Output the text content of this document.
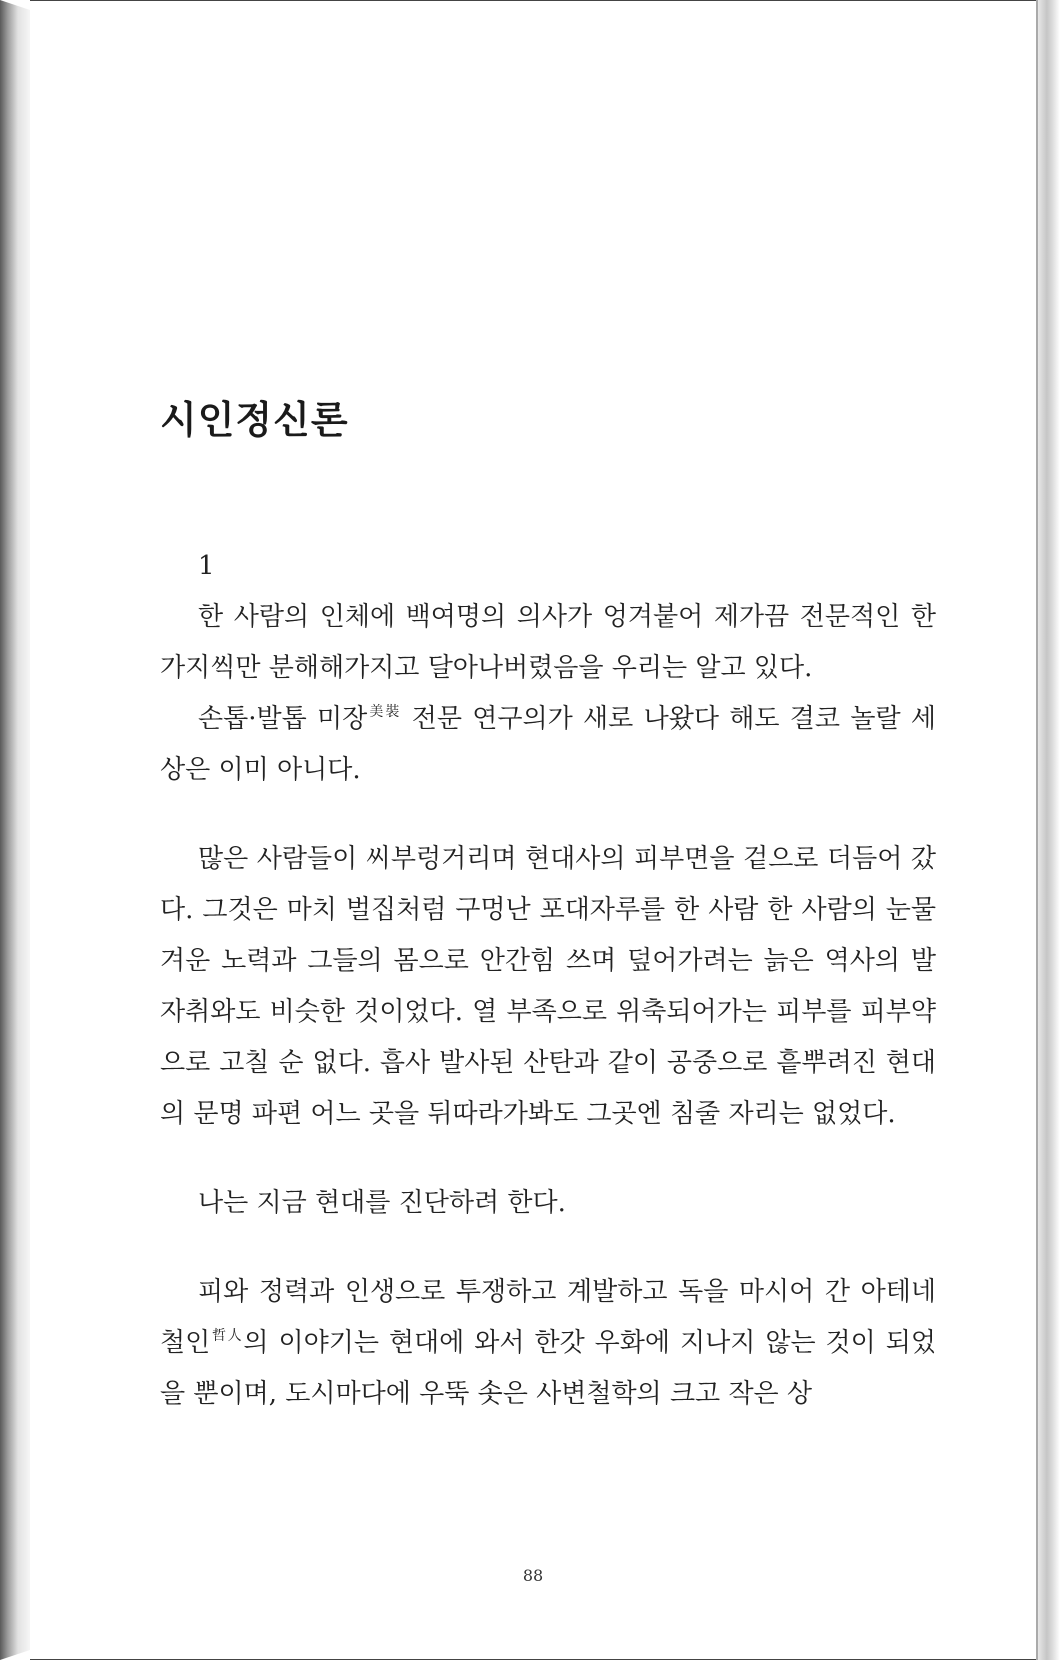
시인정신론

1

한 사람의 인체에 백여명의 의사가 엉겨붙어 제가끔 전문적인 한가지씩만 분해해가지고 달아나버렸음을 우리는 알고 있다.

손톱·발톱 미장$^{美裝}$ 전문 연구의가 새로 나왔다 해도 결코 놀랄 세상은 이미 아니다.

많은 사람들이 씨부렁거리며 현대사의 피부면을 겉으로 더듬어 갔다. 그것은 마치 벌집처럼 구멍난 포대자루를 한 사람 한 사람의 눈물겨운 노력과 그들의 몸으로 안간힘 쓰며 덮어가려는 늙은 역사의 발자취와도 비슷한 것이었다. 열 부족으로 위축되어가는 피부를 피부약으로 고칠 순 없다. 흡사 발사된 산탄과 같이 공중으로 흩뿌려진 현대의 문명 파편 어느 곳을 뒤따라가봐도 그곳엔 침줄 자리는 없었다.

나는 지금 현대를 진단하려 한다.

피와 정력과 인생으로 투쟁하고 계발하고 독을 마시어 간 아테네 철인$^{哲人}$의 이야기는 현대에 와서 한갓 우화에 지나지 않는 것이 되었을 뿐이며, 도시마다에 우뚝 솟은 사변철학의 크고 작은 상

88
